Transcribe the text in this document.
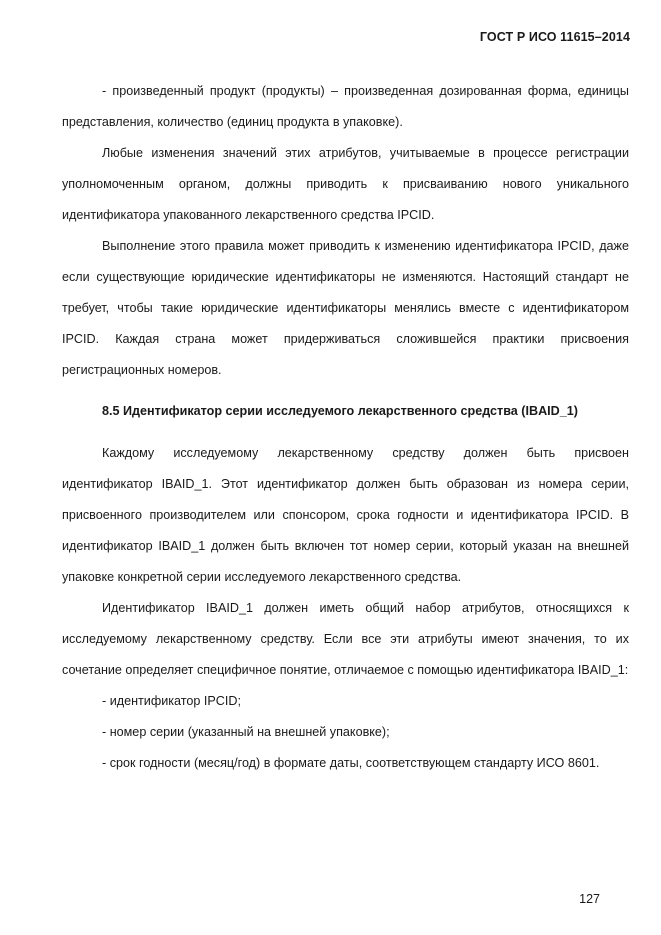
ГОСТ Р ИСО 11615–2014

- произведенный продукт (продукты) – произведенная дозированная форма, единицы представления, количество (единиц продукта в упаковке).

Любые изменения значений этих атрибутов, учитываемые в процессе регистрации уполномоченным органом, должны приводить к присваиванию нового уникального идентификатора упакованного лекарственного средства IPCID.

Выполнение этого правила может приводить к изменению идентификатора IPCID, даже если существующие юридические идентификаторы не изменяются. Настоящий стандарт не требует, чтобы такие юридические идентификаторы менялись вместе с идентификатором IPCID. Каждая страна может придерживаться сложившейся практики присвоения регистрационных номеров.

8.5 Идентификатор серии исследуемого лекарственного средства (IBAID_1)

Каждому исследуемому лекарственному средству должен быть присвоен идентификатор IBAID_1. Этот идентификатор должен быть образован из номера серии, присвоенного производителем или спонсором, срока годности и идентификатора IPCID. В идентификатор IBAID_1 должен быть включен тот номер серии, который указан на внешней упаковке конкретной серии исследуемого лекарственного средства.

Идентификатор IBAID_1 должен иметь общий набор атрибутов, относящихся к исследуемому лекарственному средству. Если все эти атрибуты имеют значения, то их сочетание определяет специфичное понятие, отличаемое с помощью идентификатора IBAID_1:

- идентификатор IPCID;

- номер серии (указанный на внешней упаковке);

- срок годности (месяц/год) в формате даты, соответствующем стандарту ИСО 8601.

127
